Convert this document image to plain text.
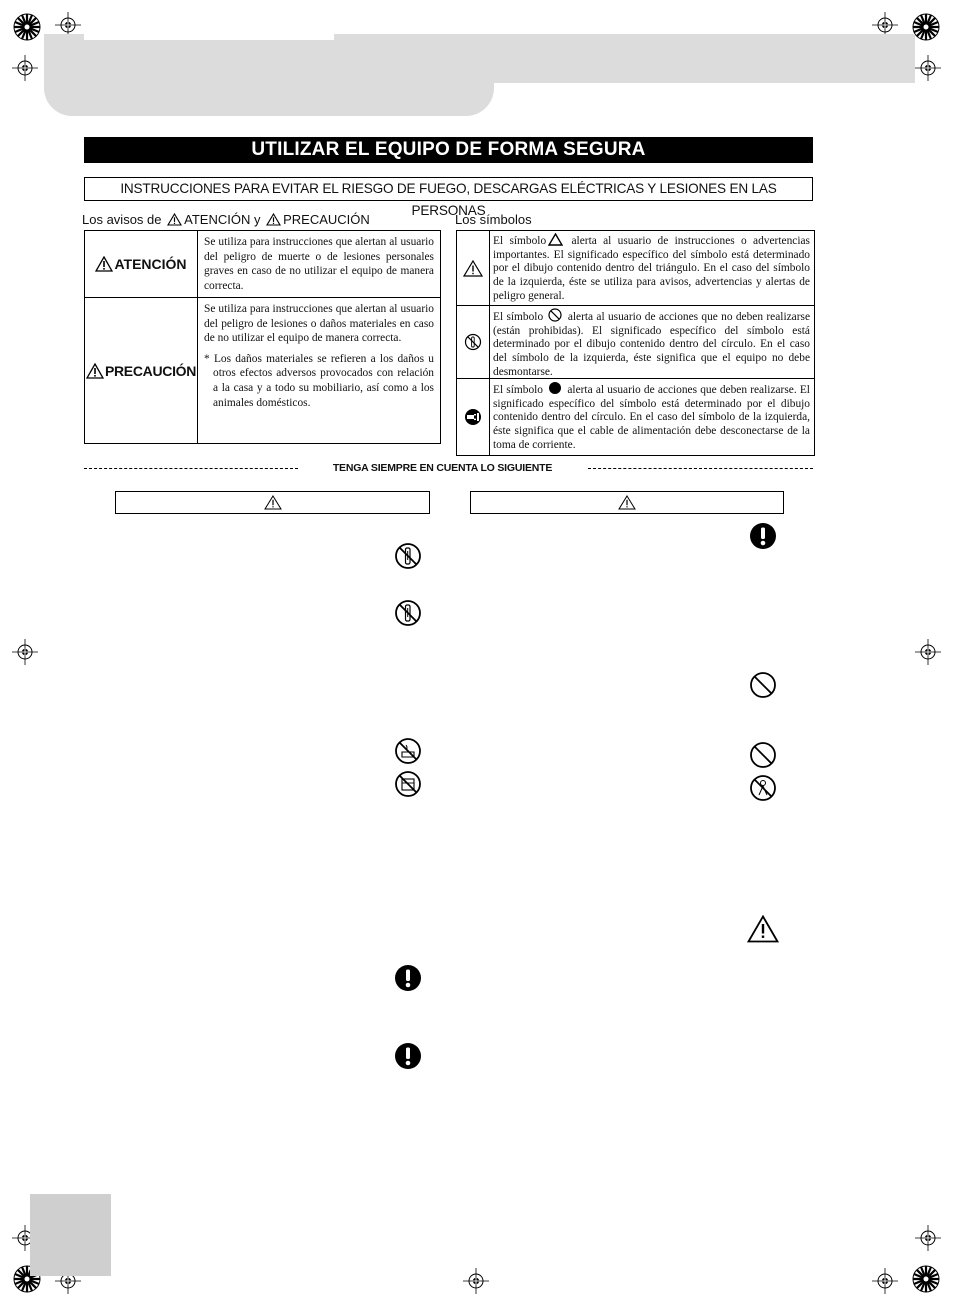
UTILIZAR EL EQUIPO DE FORMA SEGURA
INSTRUCCIONES PARA EVITAR EL RIESGO DE FUEGO, DESCARGAS ELÉCTRICAS Y LESIONES EN LAS PERSONAS
Los avisos de ATENCIÓN y PRECAUCIÓN
ATENCIÓN
Se utiliza para instrucciones que alertan al usuario del peligro de muerte o de lesiones personales graves en caso de no utilizar el equipo de manera correcta.
PRECAUCIÓN
Se utiliza para instrucciones que alertan al usuario del peligro de lesiones o daños materiales en caso de no utilizar el equipo de manera correcta.
* Los daños materiales se refieren a los daños u otros efectos adversos provocados con relación a la casa y a todo su mobiliario, así como a los animales domésticos.
Los símbolos
El símbolo alerta al usuario de instrucciones o advertencias importantes. El significado específico del símbolo está determinado por el dibujo contenido dentro del triángulo. En el caso del símbolo de la izquierda, éste se utiliza para avisos, advertencias y alertas de peligro general.
El símbolo alerta al usuario de acciones que no deben realizarse (están prohibidas). El significado específico del símbolo está determinado por el dibujo contenido dentro del círculo. En el caso del símbolo de la izquierda, éste significa que el equipo no debe desmontarse.
El símbolo alerta al usuario de acciones que deben realizarse. El significado específico del símbolo está determinado por el dibujo contenido dentro del círculo. En el caso del símbolo de la izquierda, éste significa que el cable de alimentación debe desconectarse de la toma de corriente.
TENGA SIEMPRE EN CUENTA LO SIGUIENTE
